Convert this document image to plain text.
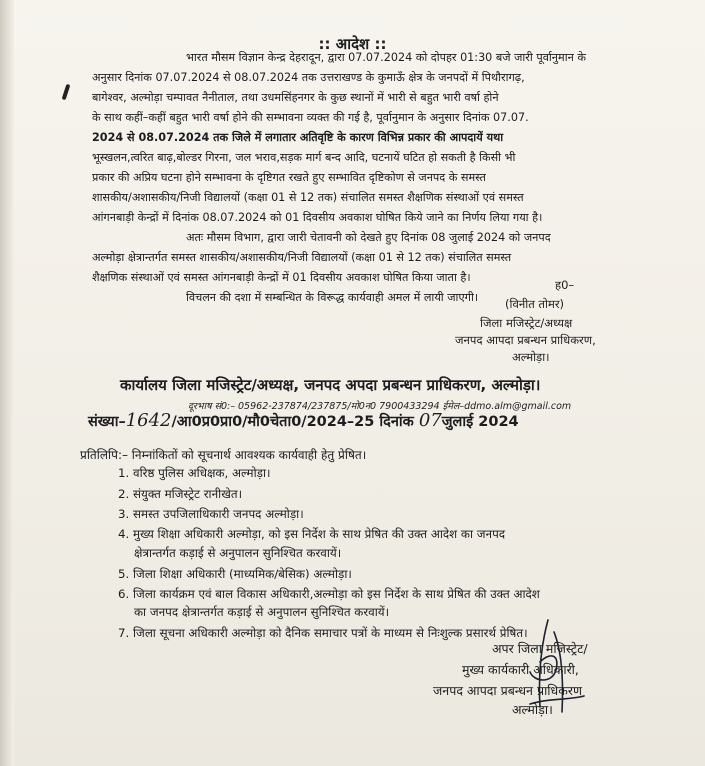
:: आदेश ::
भारत मौसम विज्ञान केन्द्र देहरादून, द्वारा 07.07.2024 को दोपहर 01:30 बजे जारी पूर्वानुमान के
अनुसार दिनांक 07.07.2024 से 08.07.2024 तक उत्तराखण्ड के कुमाऊँ क्षेत्र के जनपदों में पिथौरागढ़,
बागेश्वर, अल्मोड़ा चम्पावत नैनीताल, तथा उधमसिंहनगर के कुछ स्थानों में भारी से बहुत भारी वर्षा होने
के साथ कहीं–कहीं बहुत भारी वर्षा होने की सम्भावना व्यक्त की गई है, पूर्वानुमान के अनुसार दिनांक 07.07.
2024 से 08.07.2024 तक जिले में लगातार अतिवृष्टि के कारण विभिन्न प्रकार की आपदायें यथा
भूस्खलन,त्वरित बाढ़,बोल्डर गिरना, जल भराव,सड़क मार्ग बन्द आदि, घटनायें घटित हो सकती है किसी भी
प्रकार की अप्रिय घटना होने सम्भावना के दृष्टिगत रखते हुए सम्भावित दृष्टिकोण से जनपद के समस्त
शासकीय/अशासकीय/निजी विद्यालयों (कक्षा 01 से 12 तक) संचालित समस्त शैक्षणिक संस्थाओं एवं समस्त
आंगनबाड़ी केन्द्रों में दिनांक 08.07.2024 को 01 दिवसीय अवकाश घोषित किये जाने का निर्णय लिया गया है।
अतः मौसम विभाग, द्वारा जारी चेतावनी को देखते हुए दिनांक 08 जुलाई 2024 को जनपद
अल्मोड़ा क्षेत्रान्तर्गत समस्त शासकीय/अशासकीय/निजी विद्यालयों (कक्षा 01 से 12 तक) संचालित समस्त
शैक्षणिक संस्थाओं एवं समस्त आंगनबाड़ी केन्द्रों में 01 दिवसीय अवकाश घोषित किया जाता है।
विचलन की दशा में सम्बन्धित के विरूद्ध कार्यवाही अमल में लायी जाएगी।
ह0–
(विनीत तोमर)
जिला मजिस्ट्रेट/अध्यक्ष
जनपद आपदा प्रबन्धन प्राधिकरण,
अल्मोड़ा।
कार्यालय जिला मजिस्ट्रेट/अध्यक्ष, जनपद अपदा प्रबन्धन प्राधिकरण, अल्मोड़ा।
दूरभाष सं0:– 05962-237874/237875/मो0न0 7900433294 ईमेल–ddmo.alm@gmail.com
संख्या–1642/आ0प्र0प्रा0/मौ0चेता0/2024–25 दिनांक 07जुलाई 2024
प्रतिलिपि:– निम्नांकितों को सूचनार्थ आवश्यक कार्यवाही हेतु प्रेषित।
1. वरिष्ठ पुलिस अधिक्षक, अल्मोड़ा।
2. संयुक्त मजिस्ट्रेट रानीखेत।
3. समस्त उपजिलाधिकारी जनपद अल्मोड़ा।
4. मुख्य शिक्षा अधिकारी अल्मोड़ा, को इस निर्देश के साथ प्रेषित की उक्त आदेश का जनपद
क्षेत्रान्तर्गत कड़ाई से अनुपालन सुनिश्चित करवायें।
5. जिला शिक्षा अधिकारी (माध्यमिक/बेसिक) अल्मोड़ा।
6. जिला कार्यक्रम एवं बाल विकास अधिकारी,अल्मोड़ा को इस निर्देश के साथ प्रेषित की उक्त आदेश
का जनपद क्षेत्रान्तर्गत कड़ाई से अनुपालन सुनिश्चित करवायें।
7. जिला सूचना अधिकारी अल्मोड़ा को दैनिक समाचार पत्रों के माध्यम से निःशुल्क प्रसारर्थ प्रेषित।
अपर जिला मजिस्ट्रेट/
मुख्य कार्यकारी अधिकारी,
जनपद आपदा प्रबन्धन प्राधिकरण
अल्मोड़ा।
